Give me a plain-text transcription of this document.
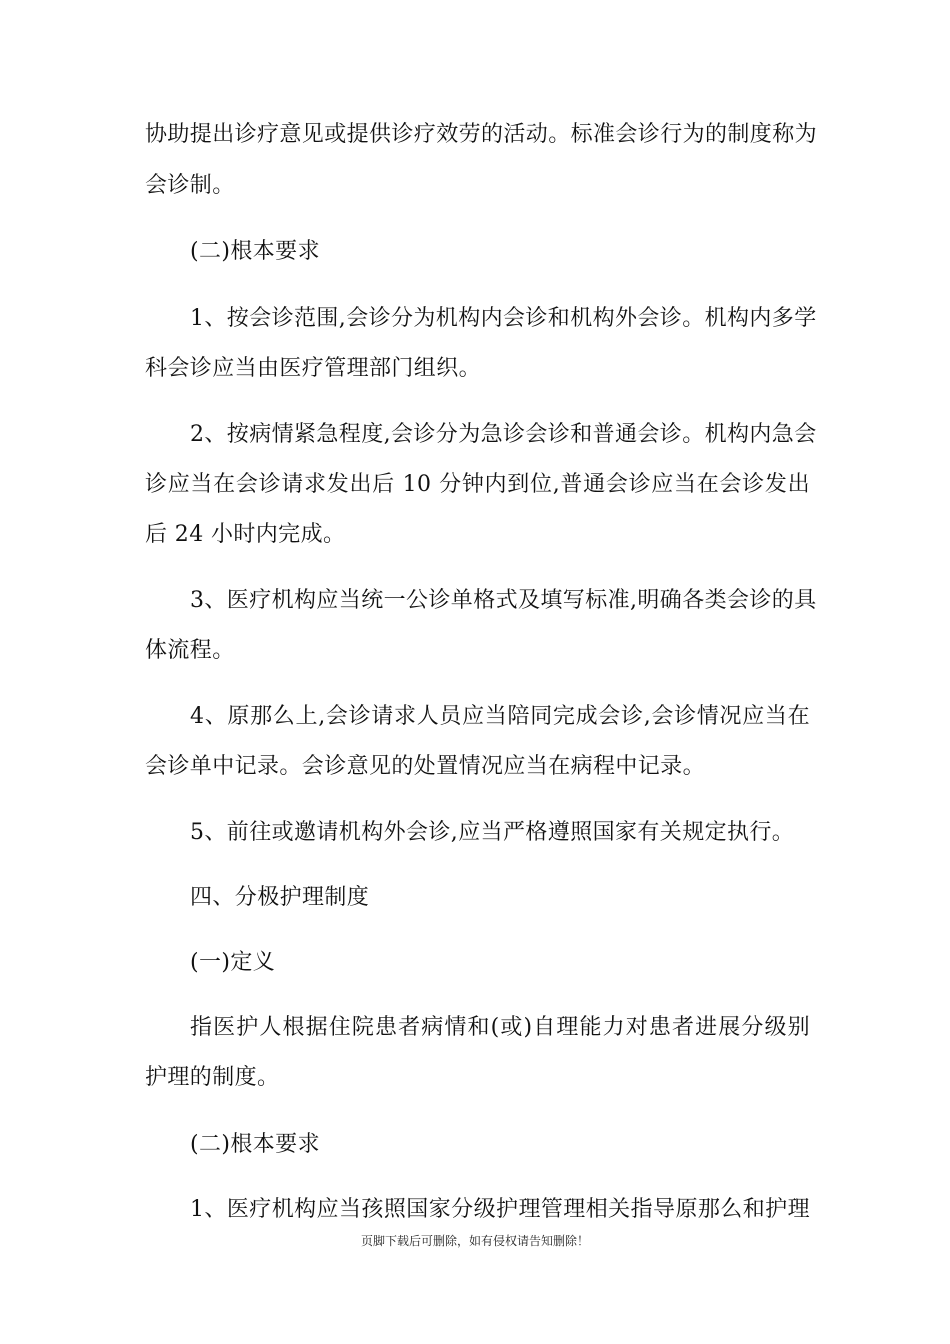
协助提出诊疗意见或提供诊疗效劳的活动。标准会诊行为的制度称为
会诊制。
(二)根本要求
1、按会诊范围,会诊分为机构内会诊和机构外会诊。机构内多学
科会诊应当由医疗管理部门组织。
2、按病情紧急程度,会诊分为急诊会诊和普通会诊。机构内急会
诊应当在会诊请求发出后 10 分钟内到位,普通会诊应当在会诊发出
后 24 小时内完成。
3、医疗机构应当统一公诊单格式及填写标准,明确各类会诊的具
体流程。
4、原那么上,会诊请求人员应当陪同完成会诊,会诊情况应当在
会诊单中记录。会诊意见的处置情况应当在病程中记录。
5、前往或邀请机构外会诊,应当严格遵照国家有关规定执行。
四、分极护理制度
(一)定义
指医护人根据住院患者病情和(或)自理能力对患者进展分级别
护理的制度。
(二)根本要求
1、医疗机构应当孩照国家分级护理管理相关指导原那么和护理
页脚下载后可删除，如有侵权请告知删除！
